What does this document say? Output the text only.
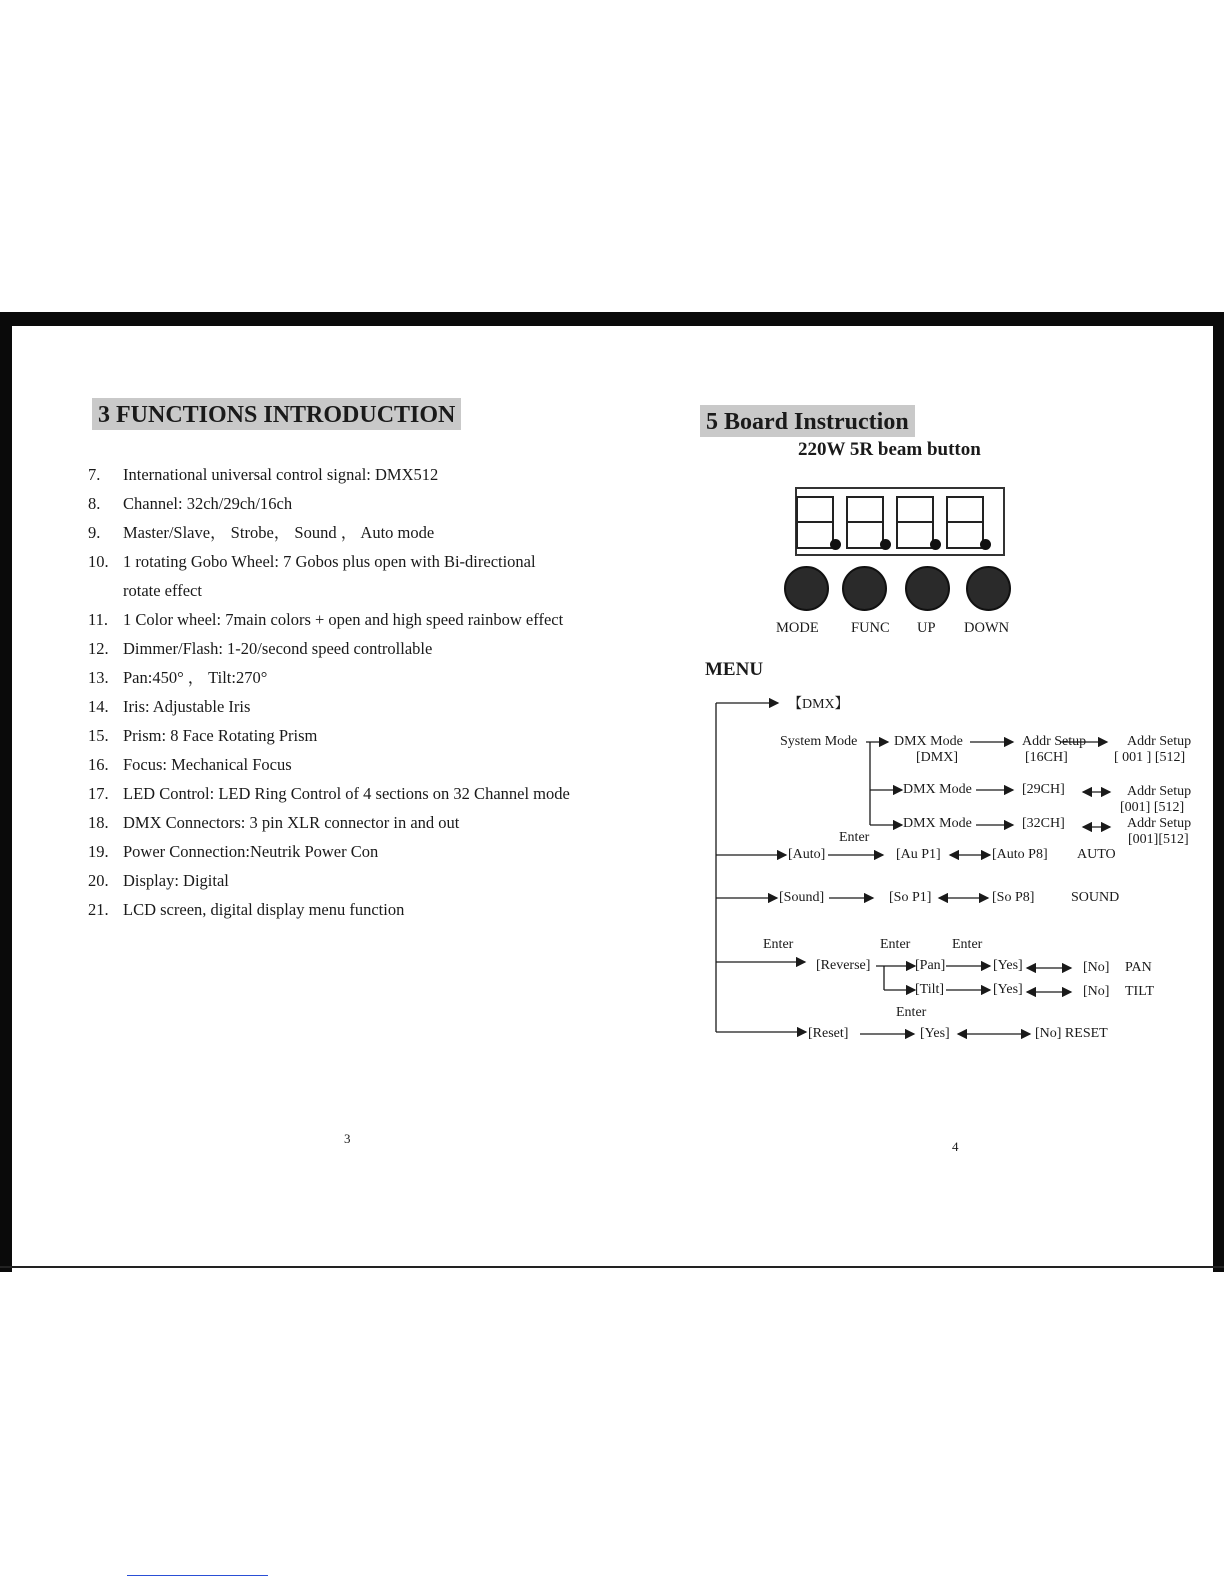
3 FUNCTIONS INTRODUCTION
7. International universal control signal: DMX512
8. Channel: 32ch/29ch/16ch
9. Master/Slave， Strobe， Sound ， Auto mode
10. 1 rotating Gobo Wheel: 7 Gobos plus open with Bi-directional
rotate effect
11. 1 Color wheel: 7main colors + open and high speed rainbow effect
12. Dimmer/Flash: 1-20/second speed controllable
13. Pan:450° ， Tilt:270°
14. Iris: Adjustable Iris
15. Prism: 8 Face Rotating Prism
16. Focus: Mechanical Focus
17. LED Control: LED Ring Control of 4 sections on 32 Channel mode
18. DMX Connectors: 3 pin XLR connector in and out
19. Power Connection:Neutrik Power Con
20. Display: Digital
21. LCD screen, digital display menu function
3
5 Board Instruction
220W 5R beam button
MODE FUNC UP DOWN
MENU
【DMX】
System Mode	DMX Mode
[DMX]
Addr Setup
[16CH]
Addr Setup
[ 001 ] [512]
DMX Mode	[29CH]	Addr Setup
[001] [512]
DMX Mode	[32CH]	Addr Setup
[001][512]
Enter
[Auto]	[Au P1]	[Auto P8] AUTO
[Sound]	[So P1]	[So P8]	SOUND
Enter	Enter	Enter
[Reverse]	[Pan]	[Yes]	[No] PAN
[Tilt]	[Yes]	[No] TILT
Enter
[Reset]	[Yes]	[No] RESET
4
